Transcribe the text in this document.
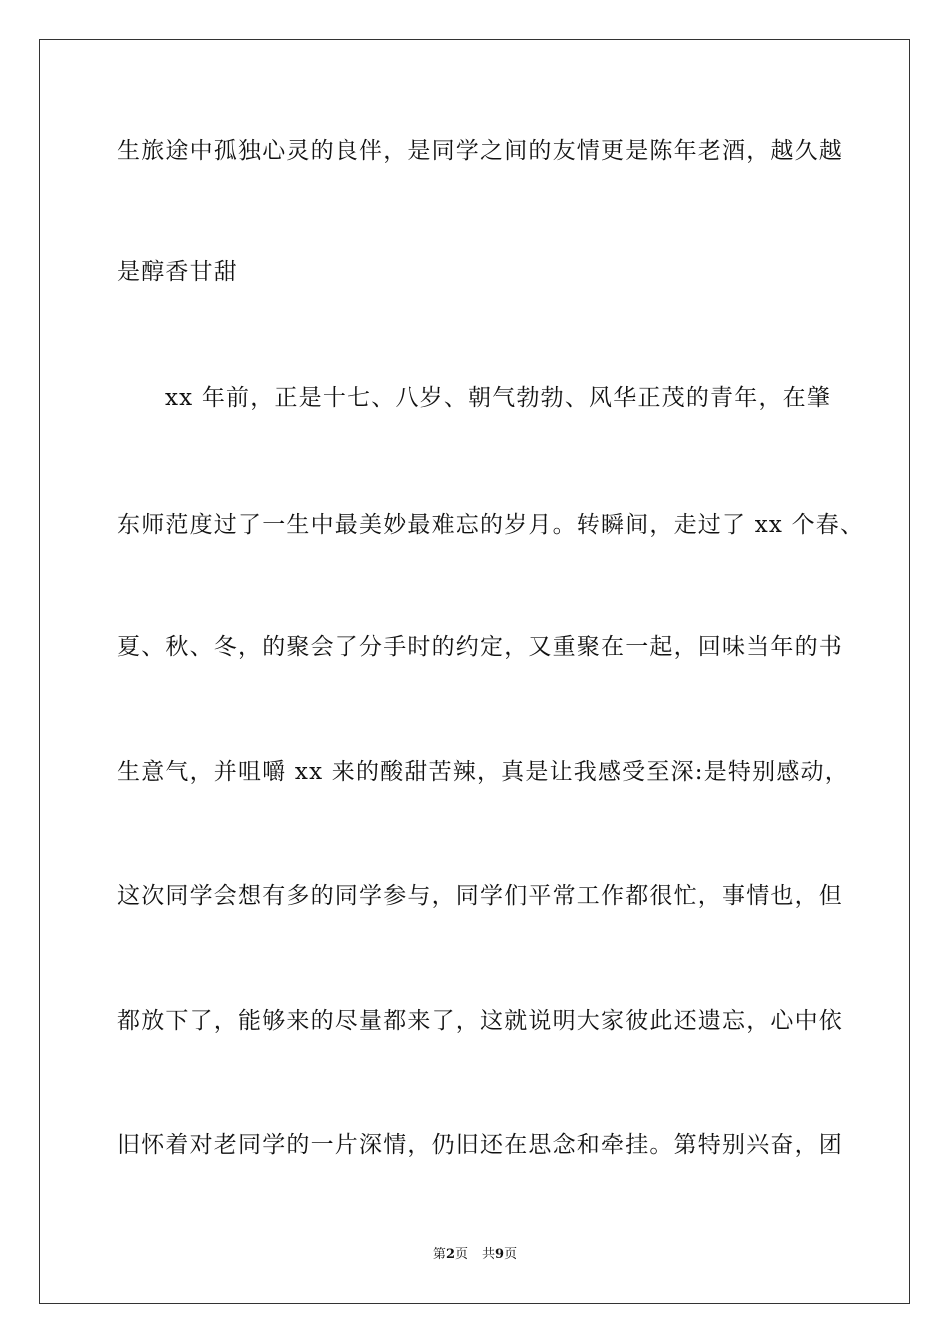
生旅途中孤独心灵的良伴，是同学之间的友情更是陈年老酒，越久越
是醇香甘甜
xx 年前，正是十七、八岁、朝气勃勃、风华正茂的青年，在肇
东师范度过了一生中最美妙最难忘的岁月。转瞬间，走过了 xx 个春、
夏、秋、冬，的聚会了分手时的约定，又重聚在一起，回味当年的书
生意气，并咀嚼 xx 来的酸甜苦辣，真是让我感受至深:是特别感动，
这次同学会想有多的同学参与，同学们平常工作都很忙，事情也，但
都放下了，能够来的尽量都来了，这就说明大家彼此还遗忘，心中依
旧怀着对老同学的一片深情，仍旧还在思念和牵挂。第特别兴奋，团
第2页 共9页
